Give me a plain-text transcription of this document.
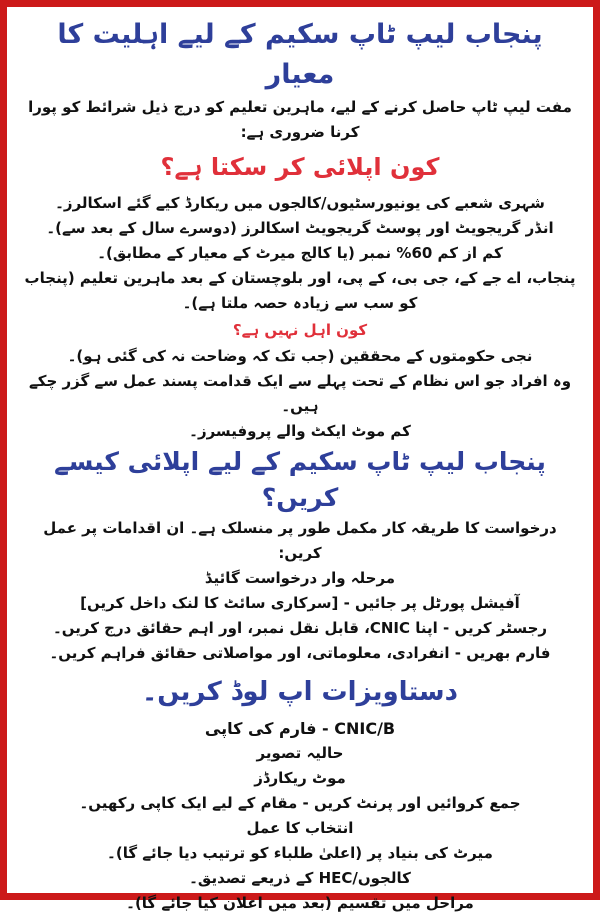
پنجاب لیپ ٹاپ سکیم کے لیے اہلیت کا معیار

مفت لیپ ٹاپ حاصل کرنے کے لیے، ماہرین تعلیم کو درج ذیل شرائط کو پورا کرنا ضروری ہے:

کون اپلائی کر سکتا ہے؟

شہری شعبے کی یونیورسٹیوں/کالجوں میں ریکارڈ کیے گئے اسکالرز۔

انڈر گریجویٹ اور پوسٹ گریجویٹ اسکالرز (دوسرے سال کے بعد سے)۔

کم از کم 60% نمبر (یا کالج میرٹ کے معیار کے مطابق)۔

پنجاب، اے جے کے، جی بی، کے پی، اور بلوچستان کے بعد ماہرین تعلیم (پنجاب کو سب سے زیادہ حصہ ملتا ہے)۔

کون اہل نہیں ہے؟

نجی حکومتوں کے محققین (جب تک کہ وضاحت نہ کی گئی ہو)۔

وہ افراد جو اس نظام کے تحت پہلے سے ایک قدامت پسند عمل سے گزر چکے ہیں۔

کم موٹ ایکٹ والے پروفیسرز۔

پنجاب لیپ ٹاپ سکیم کے لیے اپلائی کیسے کریں؟

درخواست کا طریقہ کار مکمل طور پر منسلک ہے۔ ان اقدامات پر عمل کریں:

مرحلہ وار درخواست گائیڈ

آفیشل پورٹل پر جائیں - [سرکاری سائٹ کا لنک داخل کریں]

رجسٹر کریں - اپنا CNIC، قابل نقل نمبر، اور اہم حقائق درج کریں۔

فارم بھریں - انفرادی، معلوماتی، اور مواصلاتی حقائق فراہم کریں۔

دستاویزات اپ لوڈ کریں۔

CNIC/B - فارم کی کاپی

حالیہ تصویر

موٹ ریکارڈز

جمع کروائیں اور پرنٹ کریں - مقام کے لیے ایک کاپی رکھیں۔

انتخاب کا عمل

میرٹ کی بنیاد پر (اعلیٰ طلباء کو ترتیب دیا جائے گا)۔

کالجوں/HEC کے ذریعے تصدیق۔

مراحل میں تقسیم (بعد میں اعلان کیا جائے گا)۔
